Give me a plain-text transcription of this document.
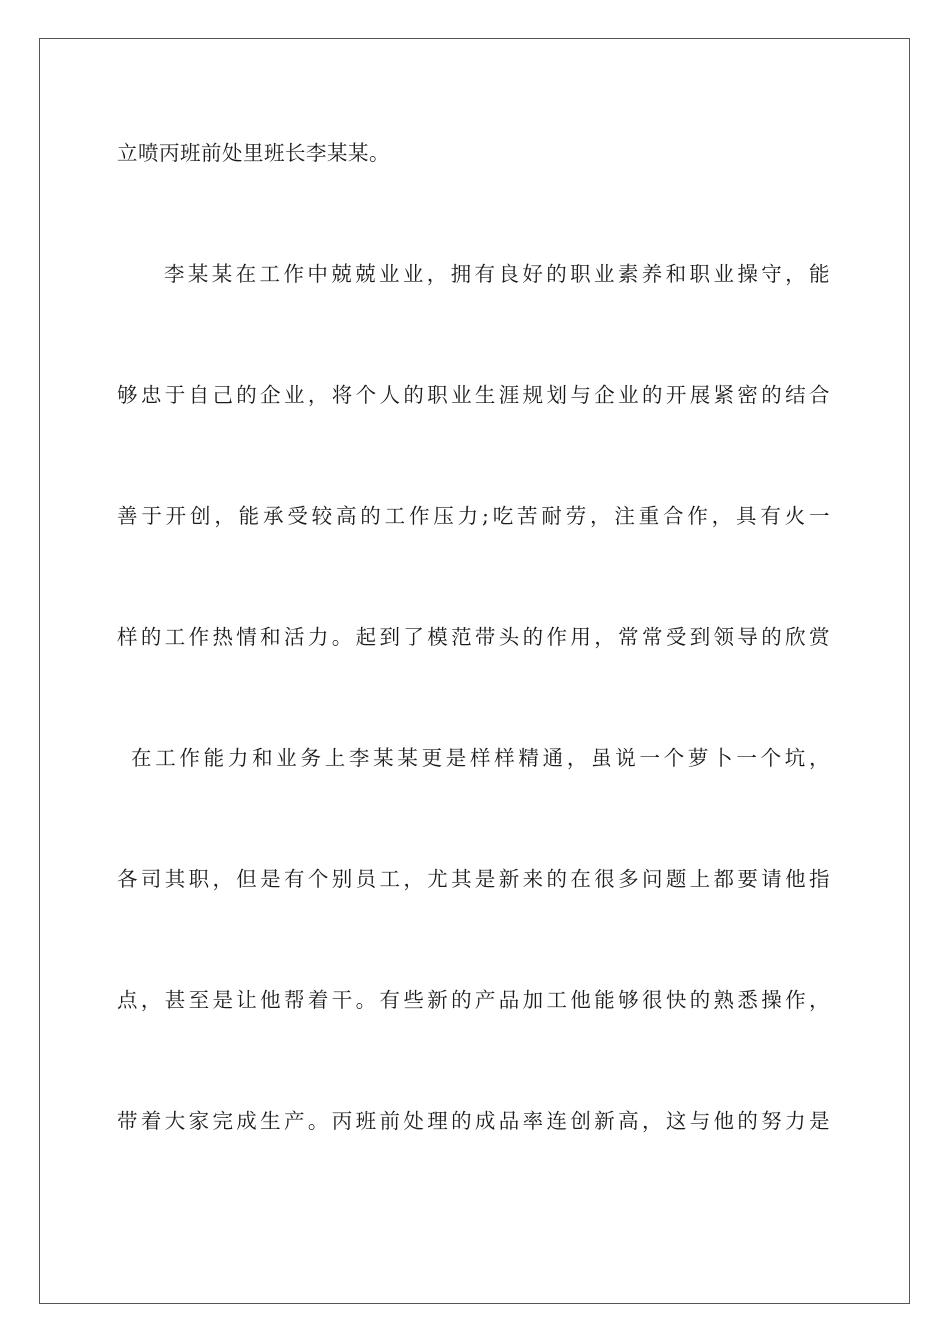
立喷丙班前处里班长李某某。
李某某在工作中兢兢业业，拥有良好的职业素养和职业操守，能
够忠于自己的企业，将个人的职业生涯规划与企业的开展紧密的结合
善于开创，能承受较高的工作压力;吃苦耐劳，注重合作，具有火一
样的工作热情和活力。起到了模范带头的作用，常常受到领导的欣赏
在工作能力和业务上李某某更是样样精通，虽说一个萝卜一个坑，
各司其职，但是有个别员工，尤其是新来的在很多问题上都要请他指
点，甚至是让他帮着干。有些新的产品加工他能够很快的熟悉操作，
带着大家完成生产。丙班前处理的成品率连创新高，这与他的努力是
